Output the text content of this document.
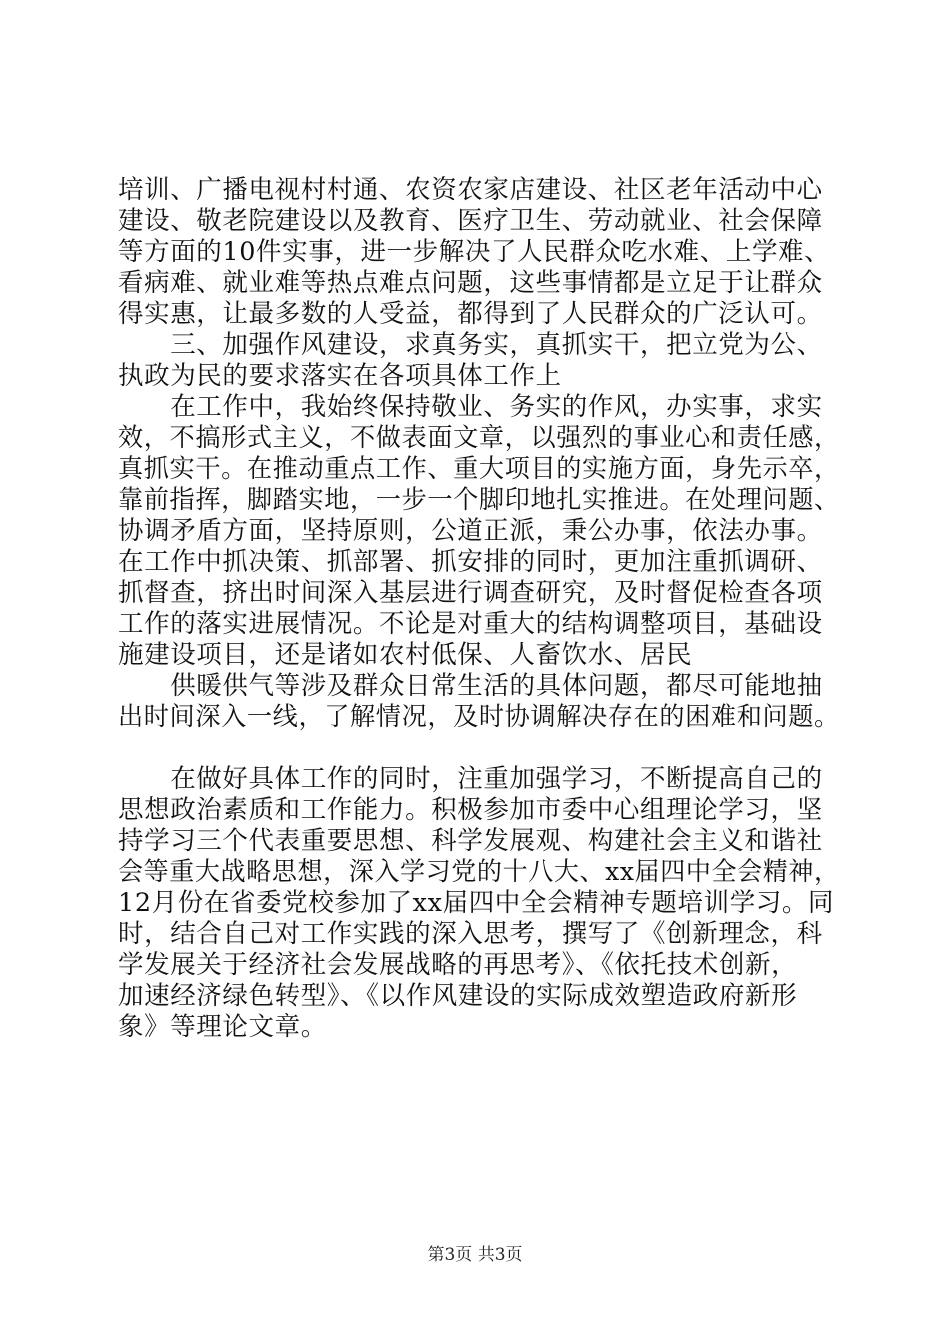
培训、广播电视村村通、农资农家店建设、社区老年活动中心
建设、敬老院建设以及教育、医疗卫生、劳动就业、社会保障
等方面的10件实事，进一步解决了人民群众吃水难、上学难、
看病难、就业难等热点难点问题，这些事情都是立足于让群众
得实惠，让最多数的人受益，都得到了人民群众的广泛认可。
　　三、加强作风建设，求真务实，真抓实干，把立党为公、
执政为民的要求落实在各项具体工作上
　　在工作中，我始终保持敬业、务实的作风，办实事，求实
效，不搞形式主义，不做表面文章，以强烈的事业心和责任感，
真抓实干。在推动重点工作、重大项目的实施方面，身先示卒，
靠前指挥，脚踏实地，一步一个脚印地扎实推进。在处理问题、
协调矛盾方面，坚持原则，公道正派，秉公办事，依法办事。
在工作中抓决策、抓部署、抓安排的同时，更加注重抓调研、
抓督查，挤出时间深入基层进行调查研究，及时督促检查各项
工作的落实进展情况。不论是对重大的结构调整项目，基础设
施建设项目，还是诸如农村低保、人畜饮水、居民
　　供暖供气等涉及群众日常生活的具体问题，都尽可能地抽
出时间深入一线，了解情况，及时协调解决存在的困难和问题。
　　在做好具体工作的同时，注重加强学习，不断提高自己的
思想政治素质和工作能力。积极参加市委中心组理论学习，坚
持学习三个代表重要思想、科学发展观、构建社会主义和谐社
会等重大战略思想，深入学习党的十八大、xx届四中全会精神，
12月份在省委党校参加了xx届四中全会精神专题培训学习。同
时，结合自己对工作实践的深入思考，撰写了《创新理念，科
学发展关于经济社会发展战略的再思考》、《依托技术创新，
加速经济绿色转型》、《以作风建设的实际成效塑造政府新形
象》等理论文章。
第3页 共3页
